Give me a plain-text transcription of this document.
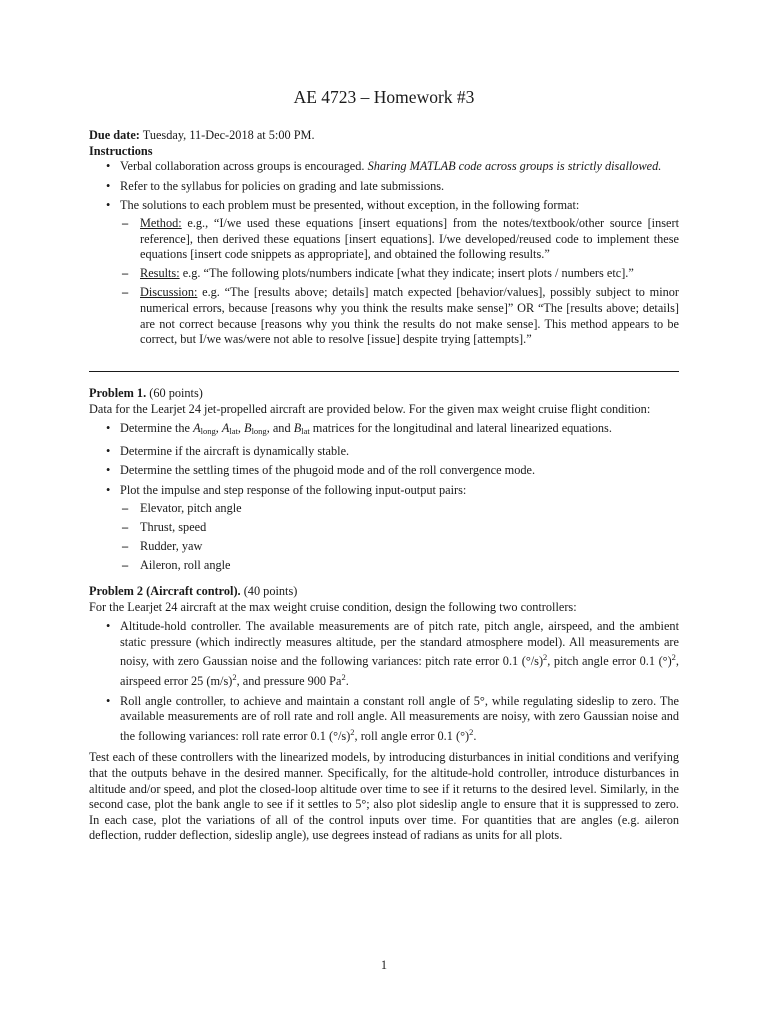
AE 4723 – Homework #3

Due date: Tuesday, 11-Dec-2018 at 5:00 PM.

Instructions

• Verbal collaboration across groups is encouraged. Sharing MATLAB code across groups is strictly disallowed.
• Refer to the syllabus for policies on grading and late submissions.
• The solutions to each problem must be presented, without exception, in the following format:
– Method: e.g., “I/we used these equations [insert equations] from the notes/textbook/other source [insert reference], then derived these equations [insert equations]. I/we developed/reused code to implement these equations [insert code snippets as appropriate], and obtained the following results.”
– Results: e.g. “The following plots/numbers indicate [what they indicate; insert plots / numbers etc].”
– Discussion: e.g. “The [results above; details] match expected [behavior/values], possibly subject to minor numerical errors, because [reasons why you think the results make sense]” OR “The [results above; details] are not correct because [reasons why you think the results do not make sense]. This method appears to be correct, but I/we was/were not able to resolve [issue] despite trying [attempts].”

Problem 1. (60 points)

Data for the Learjet 24 jet-propelled aircraft are provided below. For the given max weight cruise flight condition:

• Determine the $A_{long}$, $A_{lat}$, $B_{long}$, and $B_{lat}$ matrices for the longitudinal and lateral linearized equations.
• Determine if the aircraft is dynamically stable.
• Determine the settling times of the phugoid mode and of the roll convergence mode.
• Plot the impulse and step response of the following input-output pairs:
– Elevator, pitch angle
– Thrust, speed
– Rudder, yaw
– Aileron, roll angle

Problem 2 (Aircraft control). (40 points)

For the Learjet 24 aircraft at the max weight cruise condition, design the following two controllers:

• Altitude-hold controller. The available measurements are of pitch rate, pitch angle, airspeed, and the ambient static pressure (which indirectly measures altitude, per the standard atmosphere model). All measurements are noisy, with zero Gaussian noise and the following variances: pitch rate error 0.1 $(^\circ/s)^2$, pitch angle error 0.1 (°)$^2$, airspeed error 25 $(m/s)^2$, and pressure 900 Pa$^2$.
• Roll angle controller, to achieve and maintain a constant roll angle of 5°, while regulating sideslip to zero. The available measurements are of roll rate and roll angle. All measurements are noisy, with zero Gaussian noise and the following variances: roll rate error 0.1 $(^\circ/s)^2$, roll angle error 0.1 (°)$^2$.

Test each of these controllers with the linearized models, by introducing disturbances in initial conditions and verifying that the outputs behave in the desired manner. Specifically, for the altitude-hold controller, introduce disturbances in altitude and/or speed, and plot the closed-loop altitude over time to see if it returns to the desired level. Similarly, in the second case, plot the bank angle to see if it settles to 5°; also plot sideslip angle to ensure that it is suppressed to zero. In each case, plot the variations of all of the control inputs over time. For quantities that are angles (e.g. aileron deflection, rudder deflection, sideslip angle), use degrees instead of radians as units for all plots.

1
